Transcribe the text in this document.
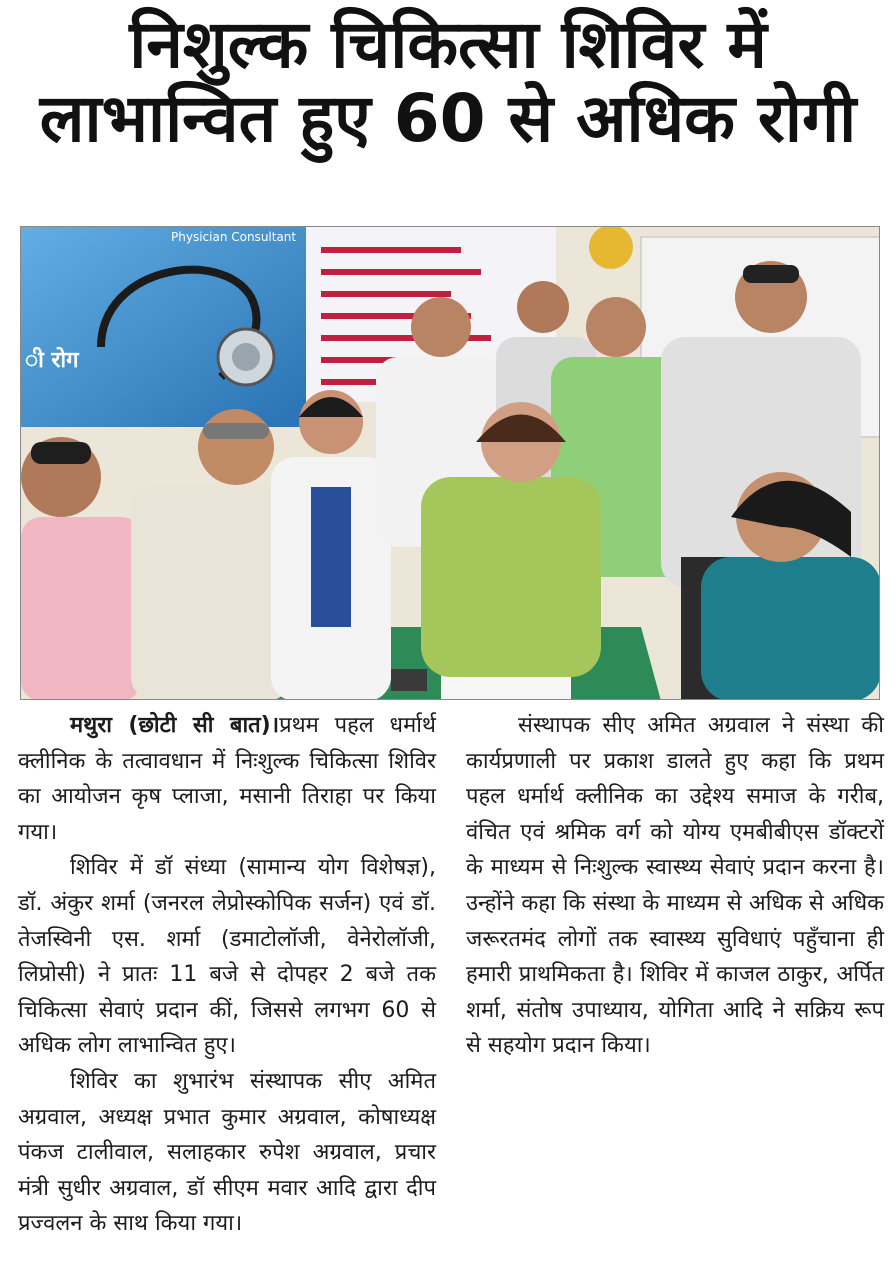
निशुल्क चिकित्सा शिविर में
लाभान्वित हुए 60 से अधिक रोगी
ी रोग
Physician Consultant

मथुरा (छोटी सी बात)।प्रथम पहल धर्मार्थ क्लीनिक के तत्वावधान में निःशुल्क चिकित्सा शिविर का आयोजन कृष प्लाजा, मसानी तिराहा पर किया गया।

शिविर में डॉ संध्या (सामान्य योग विशेषज्ञ), डॉ. अंकुर शर्मा (जनरल लेप्रोस्कोपिक सर्जन) एवं डॉ. तेजस्विनी एस. शर्मा (डमाटोलॉजी, वेनेरोलॉजी, लिप्रोसी) ने प्रातः 11 बजे से दोपहर 2 बजे तक चिकित्सा सेवाएं प्रदान कीं, जिससे लगभग 60 से अधिक लोग लाभान्वित हुए।

शिविर का शुभारंभ संस्थापक सीए अमित अग्रवाल, अध्यक्ष प्रभात कुमार अग्रवाल, कोषाध्यक्ष पंकज टालीवाल, सलाहकार रुपेश अग्रवाल, प्रचार मंत्री सुधीर अग्रवाल, डॉ सीएम मवार आदि द्वारा दीप प्रज्वलन के साथ किया गया।

संस्थापक सीए अमित अग्रवाल ने संस्था की कार्यप्रणाली पर प्रकाश डालते हुए कहा कि प्रथम पहल धर्मार्थ क्लीनिक का उद्देश्य समाज के गरीब, वंचित एवं श्रमिक वर्ग को योग्य एमबीबीएस डॉक्टरों के माध्यम से निःशुल्क स्वास्थ्य सेवाएं प्रदान करना है। उन्होंने कहा कि संस्था के माध्यम से अधिक से अधिक जरूरतमंद लोगों तक स्वास्थ्य सुविधाएं पहुँचाना ही हमारी प्राथमिकता है। शिविर में काजल ठाकुर, अर्पित शर्मा, संतोष उपाध्याय, योगिता आदि ने सक्रिय रूप से सहयोग प्रदान किया।
